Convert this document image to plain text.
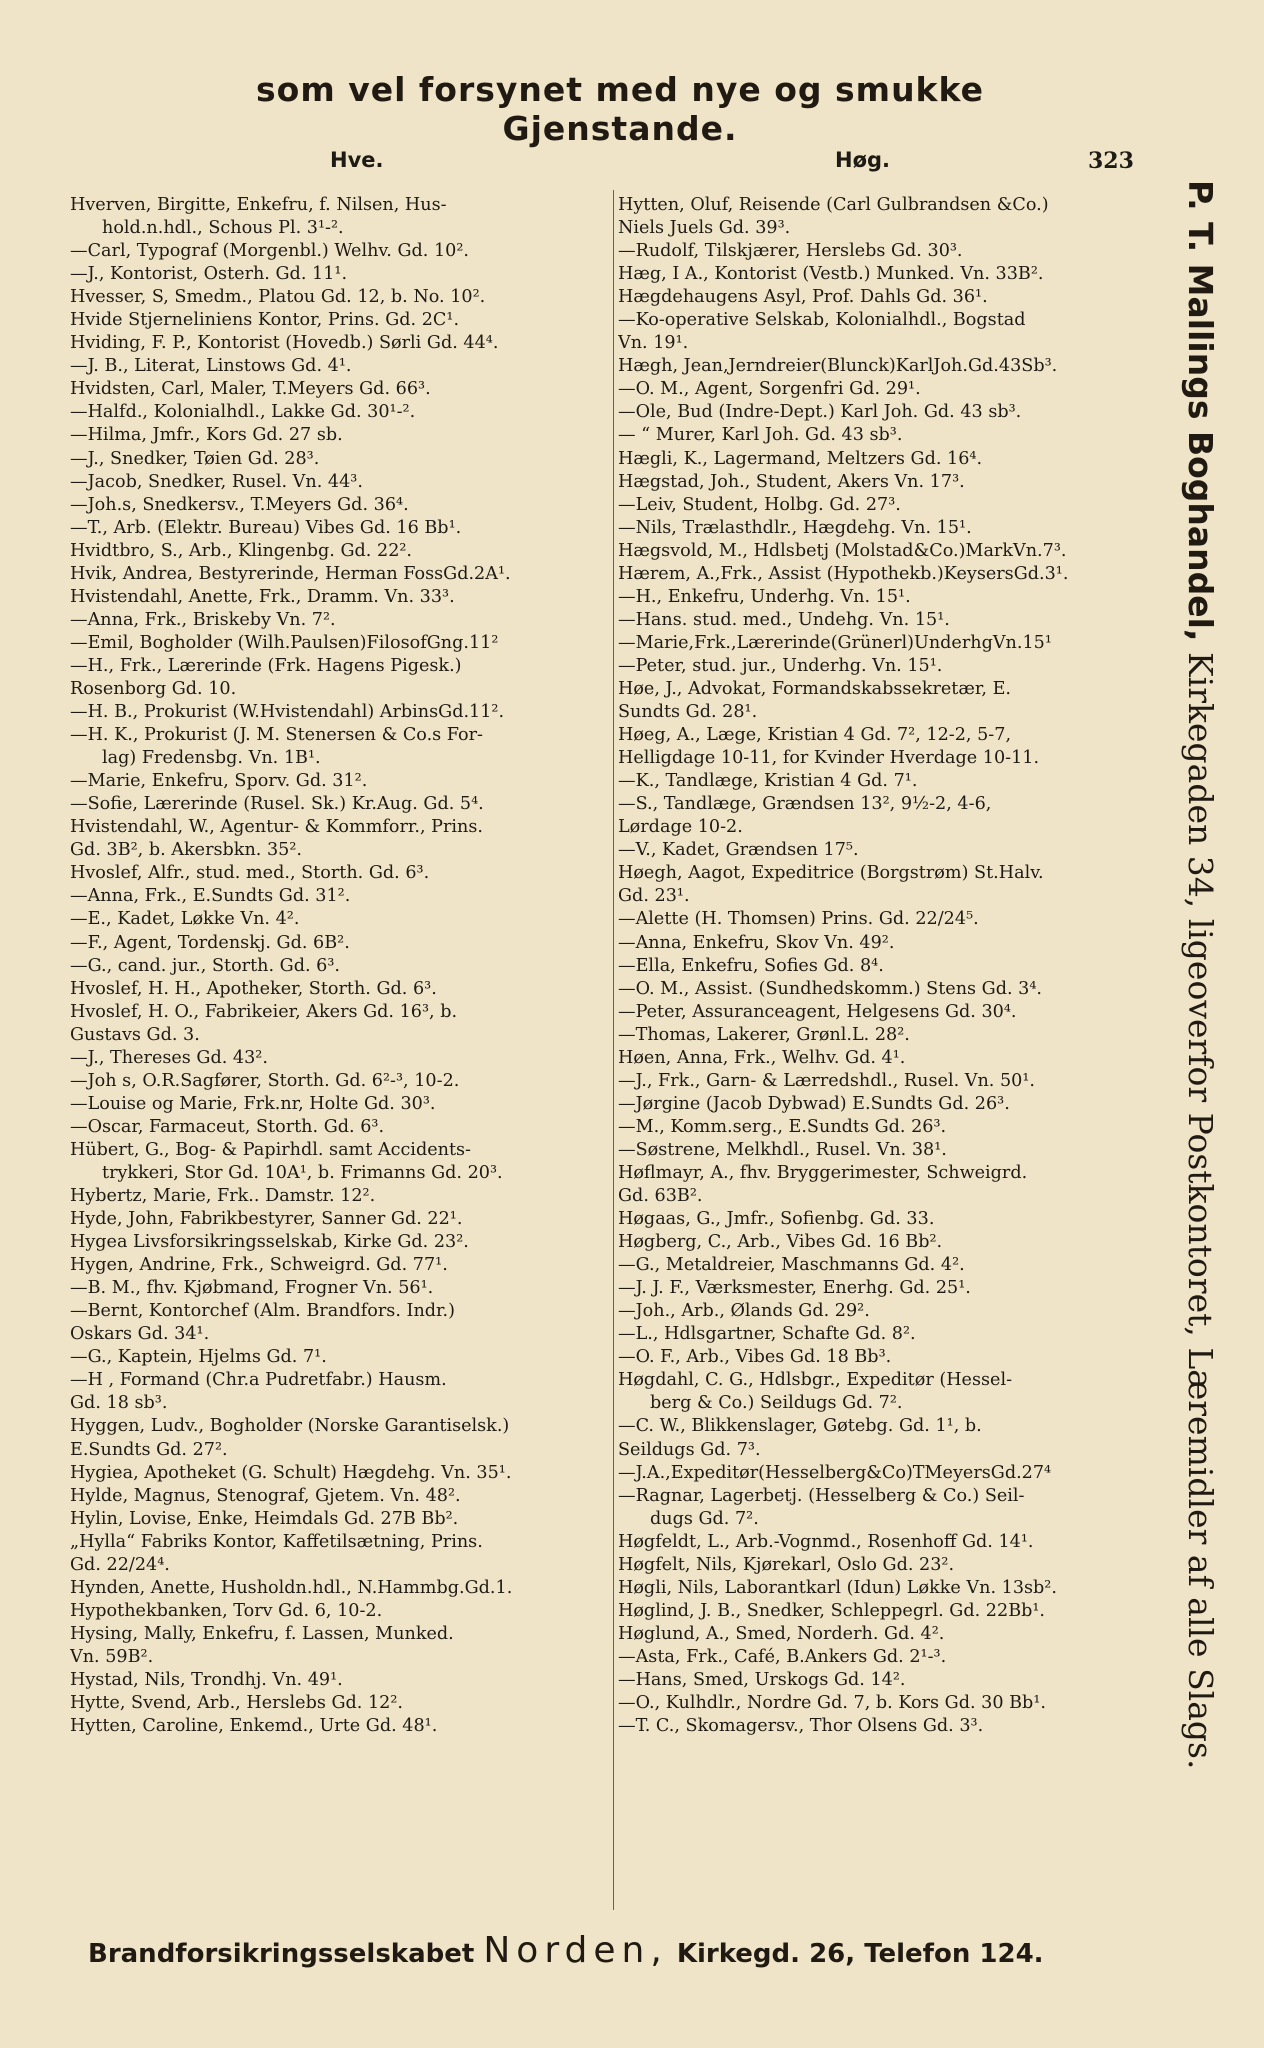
som vel forsynet med nye og smukke Gjenstande.
Hve.	Høg.	323
Hverven, Birgitte, Enkefru, f. Nilsen, Hus-
hold.n.hdl., Schous Pl. 3¹-².
—Carl, Typograf (Morgenbl.) Welhv. Gd. 10².
—J., Kontorist, Osterh. Gd. 11¹.
Hvesser, S, Smedm., Platou Gd. 12, b. No. 10².
Hvide Stjerneliniens Kontor, Prins. Gd. 2C¹.
Hviding, F. P., Kontorist (Hovedb.) Sørli Gd. 44⁴.
—J. B., Literat, Linstows Gd. 4¹.
Hvidsten, Carl, Maler, T.Meyers Gd. 66³.
—Halfd., Kolonialhdl., Lakke Gd. 30¹-².
—Hilma, Jmfr., Kors Gd. 27 sb.
—J., Snedker, Tøien Gd. 28³.
—Jacob, Snedker, Rusel. Vn. 44³.
—Joh.s, Snedkersv., T.Meyers Gd. 36⁴.
—T., Arb. (Elektr. Bureau) Vibes Gd. 16 Bb¹.
Hvidtbro, S., Arb., Klingenbg. Gd. 22².
Hvik, Andrea, Bestyrerinde, Herman FossGd.2A¹.
Hvistendahl, Anette, Frk., Dramm. Vn. 33³.
—Anna, Frk., Briskeby Vn. 7².
—Emil, Bogholder (Wilh.Paulsen)FilosofGng.11²
—H., Frk., Lærerinde (Frk. Hagens Pigesk.)
Rosenborg Gd. 10.
—H. B., Prokurist (W.Hvistendahl) ArbinsGd.11².
—H. K., Prokurist (J. M. Stenersen & Co.s For-
lag) Fredensbg. Vn. 1B¹.
—Marie, Enkefru, Sporv. Gd. 31².
—Sofie, Lærerinde (Rusel. Sk.) Kr.Aug. Gd. 5⁴.
Hvistendahl, W., Agentur- & Kommforr., Prins.
Gd. 3B², b. Akersbkn. 35².
Hvoslef, Alfr., stud. med., Storth. Gd. 6³.
—Anna, Frk., E.Sundts Gd. 31².
—E., Kadet, Løkke Vn. 4².
—F., Agent, Tordenskj. Gd. 6B².
—G., cand. jur., Storth. Gd. 6³.
Hvoslef, H. H., Apotheker, Storth. Gd. 6³.
Hvoslef, H. O., Fabrikeier, Akers Gd. 16³, b.
Gustavs Gd. 3.
—J., Thereses Gd. 43².
—Joh s, O.R.Sagfører, Storth. Gd. 6²-³, 10-2.
—Louise og Marie, Frk.nr, Holte Gd. 30³.
—Oscar, Farmaceut, Storth. Gd. 6³.
Hübert, G., Bog- & Papirhdl. samt Accidents-
trykkeri, Stor Gd. 10A¹, b. Frimanns Gd. 20³.
Hybertz, Marie, Frk.. Damstr. 12².
Hyde, John, Fabrikbestyrer, Sanner Gd. 22¹.
Hygea Livsforsikringsselskab, Kirke Gd. 23².
Hygen, Andrine, Frk., Schweigrd. Gd. 77¹.
—B. M., fhv. Kjøbmand, Frogner Vn. 56¹.
—Bernt, Kontorchef (Alm. Brandfors. Indr.)
Oskars Gd. 34¹.
—G., Kaptein, Hjelms Gd. 7¹.
—H , Formand (Chr.a Pudretfabr.) Hausm.
Gd. 18 sb³.
Hyggen, Ludv., Bogholder (Norske Garantiselsk.)
E.Sundts Gd. 27².
Hygiea, Apotheket (G. Schult) Hægdehg. Vn. 35¹.
Hylde, Magnus, Stenograf, Gjetem. Vn. 48².
Hylin, Lovise, Enke, Heimdals Gd. 27B Bb².
„Hylla“ Fabriks Kontor, Kaffetilsætning, Prins.
Gd. 22/24⁴.
Hynden, Anette, Husholdn.hdl., N.Hammbg.Gd.1.
Hypothekbanken, Torv Gd. 6, 10-2.
Hysing, Mally, Enkefru, f. Lassen, Munked.
Vn. 59B².
Hystad, Nils, Trondhj. Vn. 49¹.
Hytte, Svend, Arb., Herslebs Gd. 12².
Hytten, Caroline, Enkemd., Urte Gd. 48¹.
Hytten, Oluf, Reisende (Carl Gulbrandsen &Co.)
Niels Juels Gd. 39³.
—Rudolf, Tilskjærer, Herslebs Gd. 30³.
Hæg, I A., Kontorist (Vestb.) Munked. Vn. 33B².
Hægdehaugens Asyl, Prof. Dahls Gd. 36¹.
—Ko-operative Selskab, Kolonialhdl., Bogstad
Vn. 19¹.
Hægh, Jean,Jerndreier(Blunck)KarlJoh.Gd.43Sb³.
—O. M., Agent, Sorgenfri Gd. 29¹.
—Ole, Bud (Indre-Dept.) Karl Joh. Gd. 43 sb³.
— “ Murer, Karl Joh. Gd. 43 sb³.
Hægli, K., Lagermand, Meltzers Gd. 16⁴.
Hægstad, Joh., Student, Akers Vn. 17³.
—Leiv, Student, Holbg. Gd. 27³.
—Nils, Trælasthdlr., Hægdehg. Vn. 15¹.
Hægsvold, M., Hdlsbetj (Molstad&Co.)MarkVn.7³.
Hærem, A.,Frk., Assist (Hypothekb.)KeysersGd.3¹.
—H., Enkefru, Underhg. Vn. 15¹.
—Hans. stud. med., Undehg. Vn. 15¹.
—Marie,Frk.,Lærerinde(Grünerl)UnderhgVn.15¹
—Peter, stud. jur., Underhg. Vn. 15¹.
Høe, J., Advokat, Formandskabssekretær, E.
Sundts Gd. 28¹.
Høeg, A., Læge, Kristian 4 Gd. 7², 12-2, 5-7,
Helligdage 10-11, for Kvinder Hverdage 10-11.
—K., Tandlæge, Kristian 4 Gd. 7¹.
—S., Tandlæge, Grændsen 13², 9½-2, 4-6,
Lørdage 10-2.
—V., Kadet, Grændsen 17⁵.
Høegh, Aagot, Expeditrice (Borgstrøm) St.Halv.
Gd. 23¹.
—Alette (H. Thomsen) Prins. Gd. 22/24⁵.
—Anna, Enkefru, Skov Vn. 49².
—Ella, Enkefru, Sofies Gd. 8⁴.
—O. M., Assist. (Sundhedskomm.) Stens Gd. 3⁴.
—Peter, Assuranceagent, Helgesens Gd. 30⁴.
—Thomas, Lakerer, Grønl.L. 28².
Høen, Anna, Frk., Welhv. Gd. 4¹.
—J., Frk., Garn- & Lærredshdl., Rusel. Vn. 50¹.
—Jørgine (Jacob Dybwad) E.Sundts Gd. 26³.
—M., Komm.serg., E.Sundts Gd. 26³.
—Søstrene, Melkhdl., Rusel. Vn. 38¹.
Høflmayr, A., fhv. Bryggerimester, Schweigrd.
Gd. 63B².
Høgaas, G., Jmfr., Sofienbg. Gd. 33.
Høgberg, C., Arb., Vibes Gd. 16 Bb².
—G., Metaldreier, Maschmanns Gd. 4².
—J. J. F., Værksmester, Enerhg. Gd. 25¹.
—Joh., Arb., Ølands Gd. 29².
—L., Hdlsgartner, Schafte Gd. 8².
—O. F., Arb., Vibes Gd. 18 Bb³.
Høgdahl, C. G., Hdlsbgr., Expeditør (Hessel-
berg & Co.) Seildugs Gd. 7².
—C. W., Blikkenslager, Gøtebg. Gd. 1¹, b.
Seildugs Gd. 7³.
—J.A.,Expeditør(Hesselberg&Co)TMeyersGd.27⁴
—Ragnar, Lagerbetj. (Hesselberg & Co.) Seil-
dugs Gd. 7².
Høgfeldt, L., Arb.-Vognmd., Rosenhoff Gd. 14¹.
Høgfelt, Nils, Kjørekarl, Oslo Gd. 23².
Høgli, Nils, Laborantkarl (Idun) Løkke Vn. 13sb².
Høglind, J. B., Snedker, Schleppegrl. Gd. 22Bb¹.
Høglund, A., Smed, Norderh. Gd. 4².
—Asta, Frk., Café, B.Ankers Gd. 2¹-³.
—Hans, Smed, Urskogs Gd. 14².
—O., Kulhdlr., Nordre Gd. 7, b. Kors Gd. 30 Bb¹.
—T. C., Skomagersv., Thor Olsens Gd. 3³.
P. T. Mallings Boghandel, Kirkegaden 34, ligeoverfor Postkontoret, Læremidler af alle Slags.
Brandforsikringsselskabet Norden, Kirkegd. 26, Telefon 124.
